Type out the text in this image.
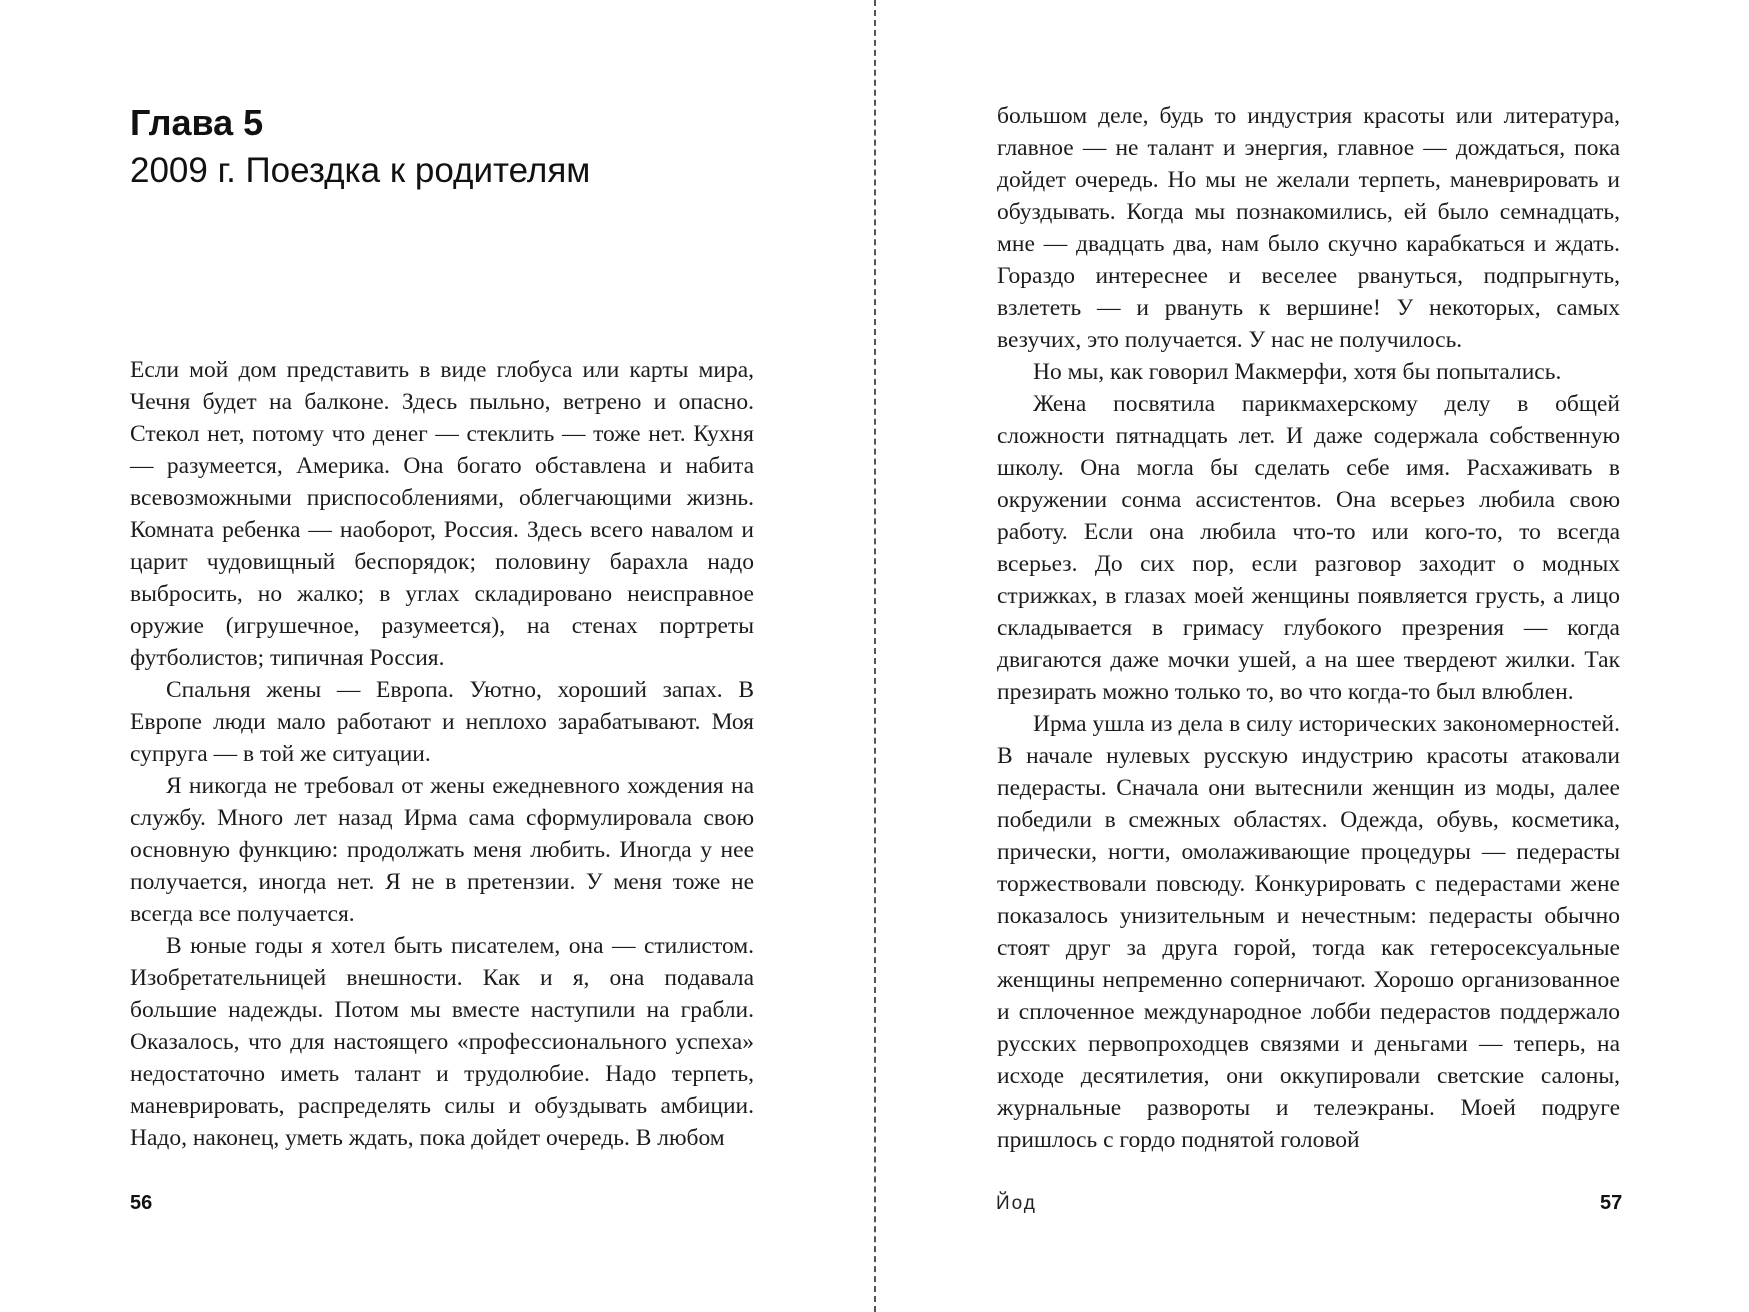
Глава 5
2009 г. Поездка к родителям

Если мой дом представить в виде глобуса или карты мира, Чечня будет на балконе. Здесь пыльно, ветрено и опасно. Стекол нет, потому что денег — стеклить — тоже нет. Кухня — разумеется, Америка. Она богато обставлена и набита всевозможными приспособлениями, облегчающими жизнь. Комната ребенка — наоборот, Россия. Здесь всего навалом и царит чудовищный беспорядок; половину барахла надо выбросить, но жалко; в углах складировано неисправное оружие (игрушечное, разумеется), на стенах портреты футболистов; типичная Россия.

Спальня жены — Европа. Уютно, хороший запах. В Европе люди мало работают и неплохо зарабатывают. Моя супруга — в той же ситуации.

Я никогда не требовал от жены ежедневного хождения на службу. Много лет назад Ирма сама сформулировала свою основную функцию: продолжать меня любить. Иногда у нее получается, иногда нет. Я не в претензии. У меня тоже не всегда все получается.

В юные годы я хотел быть писателем, она — стилистом. Изобретательницей внешности. Как и я, она подавала большие надежды. Потом мы вместе наступили на грабли. Оказалось, что для настоящего «профессионального успеха» недостаточно иметь талант и трудолюбие. Надо терпеть, маневрировать, распределять силы и обуздывать амбиции. Надо, наконец, уметь ждать, пока дойдет очередь. В любом

56

большом деле, будь то индустрия красоты или литература, главное — не талант и энергия, главное — дождаться, пока дойдет очередь. Но мы не желали терпеть, маневрировать и обуздывать. Когда мы познакомились, ей было семнадцать, мне — двадцать два, нам было скучно карабкаться и ждать. Гораздо интереснее и веселее рвануться, подпрыгнуть, взлететь — и рвануть к вершине! У некоторых, самых везучих, это получается. У нас не получилось.

Но мы, как говорил Макмерфи, хотя бы попытались.

Жена посвятила парикмахерскому делу в общей сложности пятнадцать лет. И даже содержала собственную школу. Она могла бы сделать себе имя. Расхаживать в окружении сонма ассистентов. Она всерьез любила свою работу. Если она любила что-то или кого-то, то всегда всерьез. До сих пор, если разговор заходит о модных стрижках, в глазах моей женщины появляется грусть, а лицо складывается в гримасу глубокого презрения — когда двигаются даже мочки ушей, а на шее твердеют жилки. Так презирать можно только то, во что когда-то был влюблен.

Ирма ушла из дела в силу исторических закономерностей. В начале нулевых русскую индустрию красоты атаковали педерасты. Сначала они вытеснили женщин из моды, далее победили в смежных областях. Одежда, обувь, косметика, прически, ногти, омолаживающие процедуры — педерасты торжествовали повсюду. Конкурировать с педерастами жене показалось унизительным и нечестным: педерасты обычно стоят друг за друга горой, тогда как гетеросексуальные женщины непременно соперничают. Хорошо организованное и сплоченное международное лобби педерастов поддержало русских первопроходцев связями и деньгами — теперь, на исходе десятилетия, они оккупировали светские салоны, журнальные развороты и телеэкраны. Моей подруге пришлось с гордо поднятой головой

Йод	57
